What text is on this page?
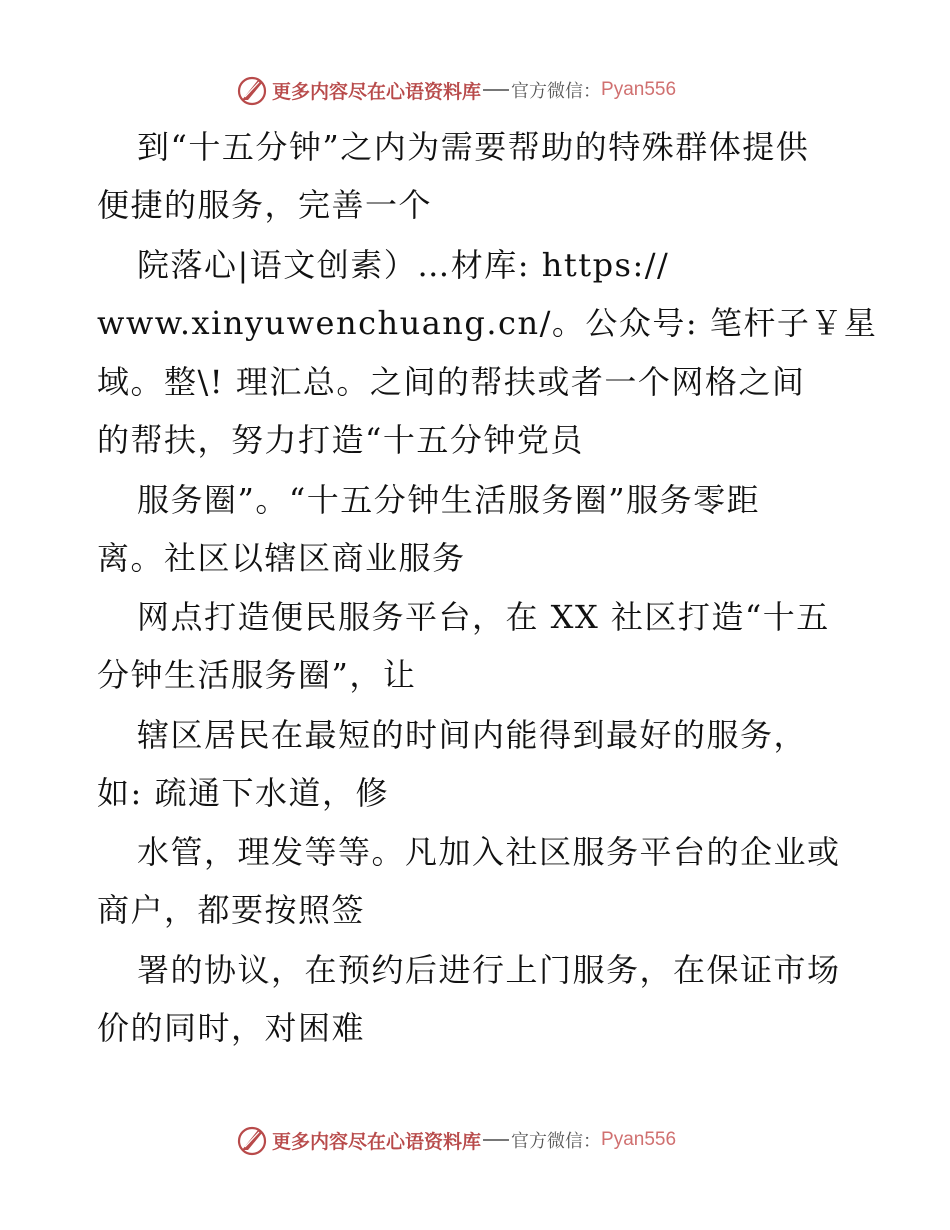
更多内容尽在心语资料库 官方微信： Pyan556
到“十五分钟”之内为需要帮助的特殊群体提供
便捷的服务，完善一个
院落心|语文创素）…材库: https://
www.xinyuwenchuang.cn/。公众号: 笔杆子￥星
域。整\! 理汇总。之间的帮扶或者一个网格之间
的帮扶，努力打造“十五分钟党员
服务圈”。“十五分钟生活服务圈”服务零距
离。社区以辖区商业服务
网点打造便民服务平台，在 XX 社区打造“十五
分钟生活服务圈”，让
辖区居民在最短的时间内能得到最好的服务，
如: 疏通下水道，修
水管，理发等等。凡加入社区服务平台的企业或
商户，都要按照签
署的协议，在预约后进行上门服务，在保证市场
价的同时，对困难
更多内容尽在心语资料库 官方微信： Pyan556
